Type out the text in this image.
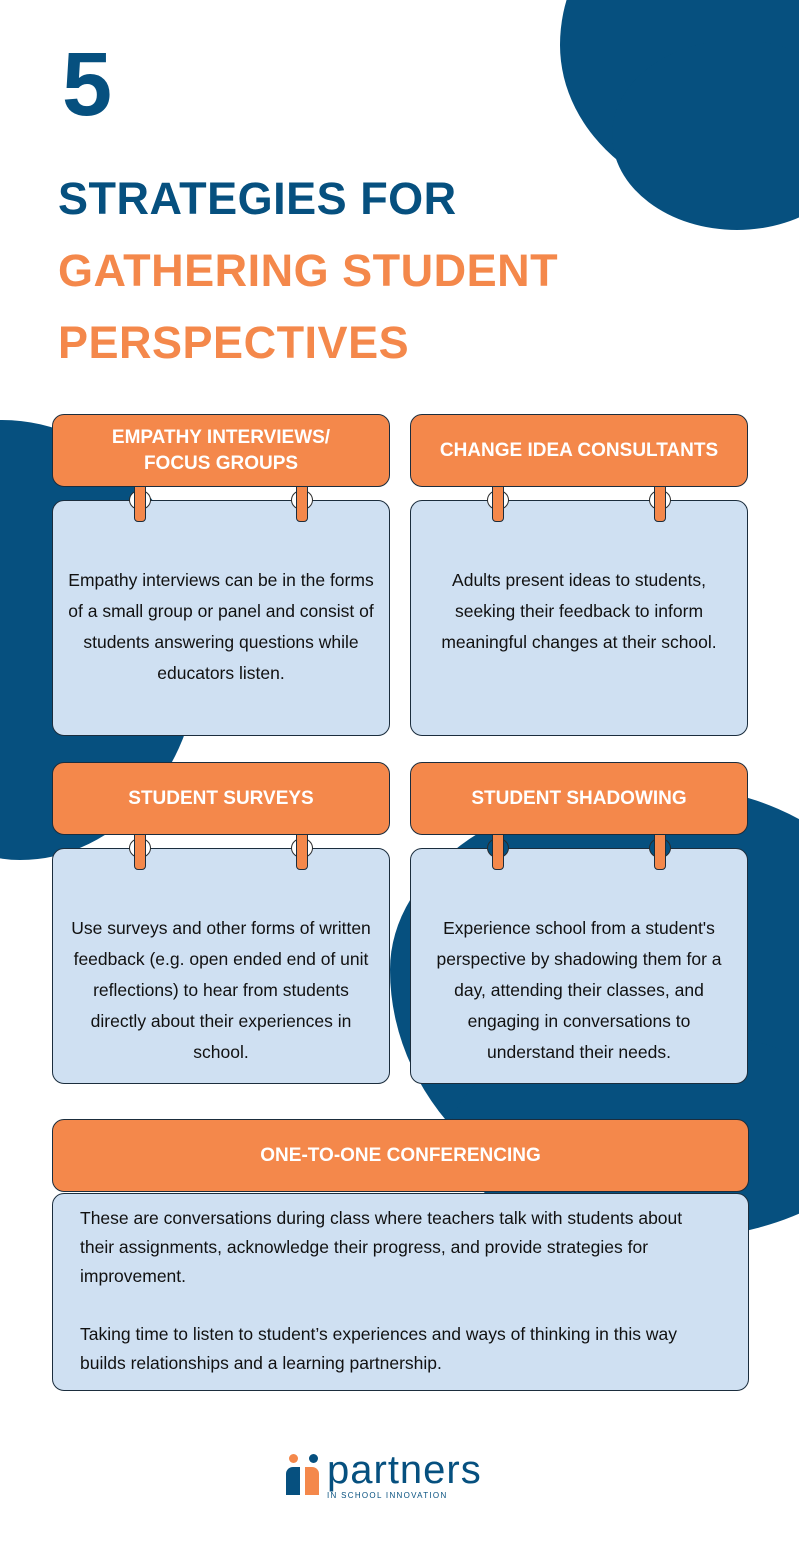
5
STRATEGIES FOR
GATHERING STUDENT
PERSPECTIVES
EMPATHY INTERVIEWS/
FOCUS GROUPS
Empathy interviews can be in the forms of a small group or panel and consist of students answering questions while educators listen.
CHANGE IDEA CONSULTANTS
Adults present ideas to students, seeking their feedback to inform meaningful changes at their school.
STUDENT SURVEYS
Use surveys and other forms of written feedback (e.g. open ended end of unit reflections) to hear from students directly about their experiences in school.
STUDENT SHADOWING
Experience school from a student's perspective by shadowing them for a day, attending their classes, and engaging in conversations to understand their needs.
ONE-TO-ONE CONFERENCING

These are conversations during class where teachers talk with students about their assignments, acknowledge their progress, and provide strategies for improvement.

Taking time to listen to student’s experiences and ways of thinking in this way builds relationships and a learning partnership.

partners
IN SCHOOL INNOVATION
